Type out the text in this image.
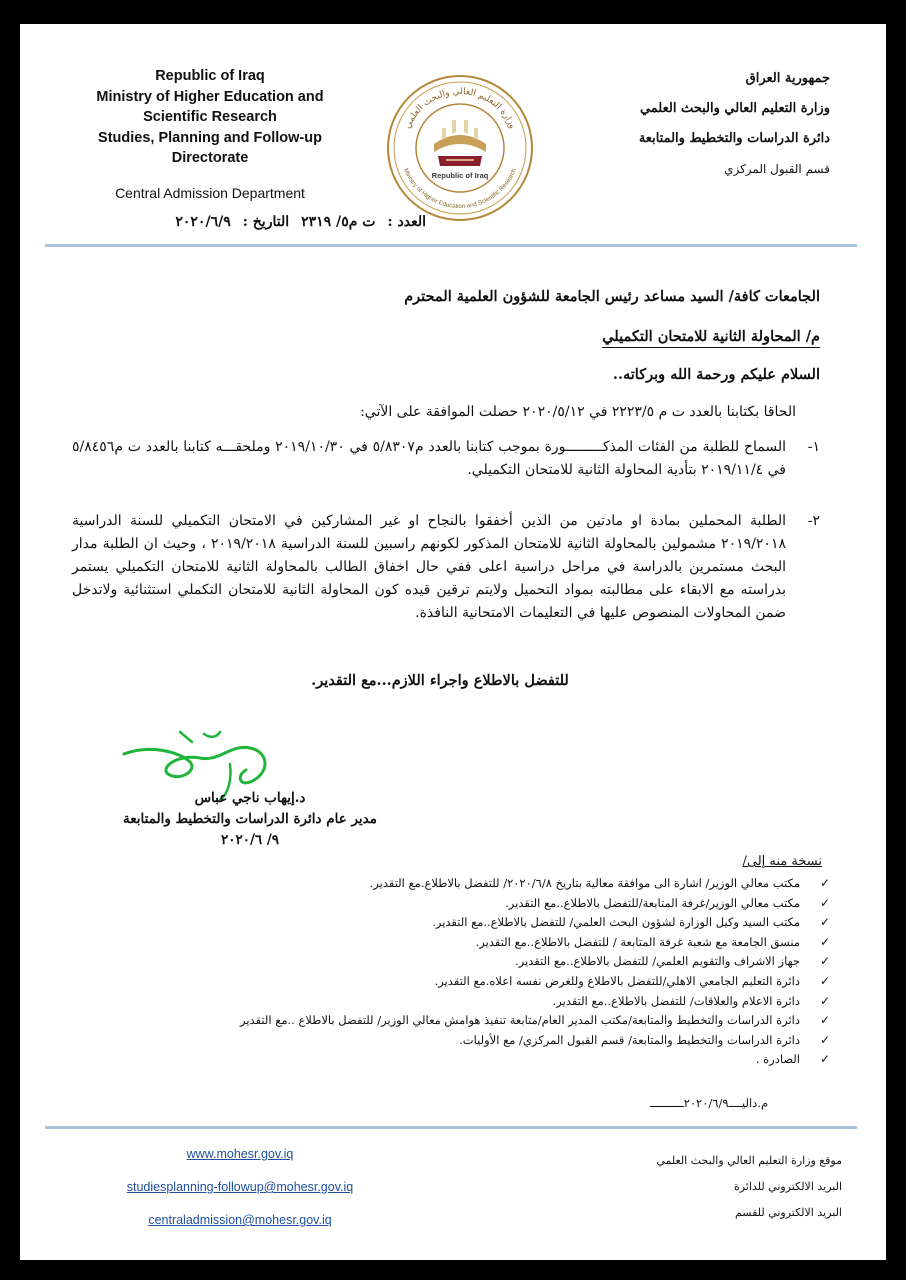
Republic of Iraq
Ministry of Higher Education and
Scientific Research
Studies, Planning and Follow-up
Directorate
Central Admission Department
وزارة التعليم العالي والبحث العلمي
Ministry of Higher Education and Scientific Research
Republic of Iraq
جمهورية العراق
وزارة التعليم العالي والبحث العلمي
دائرة الدراسات والتخطيط والمتابعة
قسم القبول المركزي
العدد :ت م٥/ ٢٣١٩التاريخ :٢٠٢٠/٦/٩
الجامعات كافة/ السيد مساعد رئيس الجامعة للشؤون العلمية المحترم
م/ المحاولة الثانية للامتحان التكميلي
السلام عليكم ورحمة الله وبركاته..
الحاقا بكتابنا بالعدد ت م ٢٢٢٣/٥ في ٢٠٢٠/٥/١٢ حصلت الموافقة على الآتي:
١-
السماح للطلبة من الفئات المذكـــــــــورة بموجب كتابنا بالعدد م٥/٨٣٠٧ في ٢٠١٩/١٠/٣٠ وملحقـــه كتابنا بالعدد ت م٥/٨٤٥٦ في ٢٠١٩/١١/٤ بتأدية المحاولة الثانية للامتحان التكميلي.
٢-
الطلبة المحملين بمادة او مادتين من الذين أخفقوا بالنجاح او غير المشاركين في الامتحان التكميلي للسنة الدراسية ٢٠١٩/٢٠١٨ مشمولين بالمحاولة الثانية للامتحان المذكور لكونهم راسبين للسنة الدراسية ٢٠١٩/٢٠١٨ ، وحيث ان الطلبة مدار البحث مستمرين بالدراسة في مراحل دراسية اعلى ففي حال اخفاق الطالب بالمحاولة الثانية للامتحان التكميلي يستمر بدراسته مع الابقاء على مطالبته بمواد التحميل ولايتم ترقين قيده كون المحاولة الثانية للامتحان التكملي استثنائية ولاتدخل ضمن المحاولات المنصوص عليها في التعليمات الامتحانية النافذة.
للتفضل بالاطلاع واجراء اللازم...مع التقدير.
د.إيهاب ناجي عباس
مدير عام دائرة الدراسات والتخطيط والمتابعة
٩/ ٢٠٢٠/٦
نسخة منه إلى/
✓
مكتب معالي الوزير/ اشارة الى موافقة معالية بتاريخ ٢٠٢٠/٦/٨/ للتفضل بالاطلاع.مع التقدير.
✓
مكتب معالي الوزير/غرفة المتابعة/للتفضل بالاطلاع..مع التقدير.
✓
مكتب السيد وكيل الوزارة لشؤون البحث العلمي/ للتفضل بالاطلاع..مع التقدير.
✓
منسق الجامعة مع شعبة غرفة المتابعة / للتفضل بالاطلاع..مع التقدير.
✓
جهاز الاشراف والتقويم العلمي/ للتفضل بالاطلاع..مع التقدير.
✓
دائرة التعليم الجامعي الاهلي/للتفضل بالاطلاع وللغرض نفسه اعلاه.مع التقدير.
✓
دائرة الاعلام والعلاقات/ للتفضل بالاطلاع..مع التقدير.
✓
دائرة الدراسات والتخطيط والمتابعة/مكتب المدير العام/متابعة تنفيذ هوامش معالي الوزير/ للتفضل بالاطلاع ..مع التقدير
✓
دائرة الدراسات والتخطيط والمتابعة/ قسم القبول المركزي/ مع الأوليات.
✓
الصادرة .
م.داليــــ٢٠٢٠/٦/٩ــــــــــ
موقع وزارة التعليم العالي والبحث العلمي
البريد الالكتروني للدائرة
البريد الالكتروني للقسم
www.mohesr.gov.iq
studiesplanning-followup@mohesr.gov.iq
centraladmission@mohesr.gov.iq
